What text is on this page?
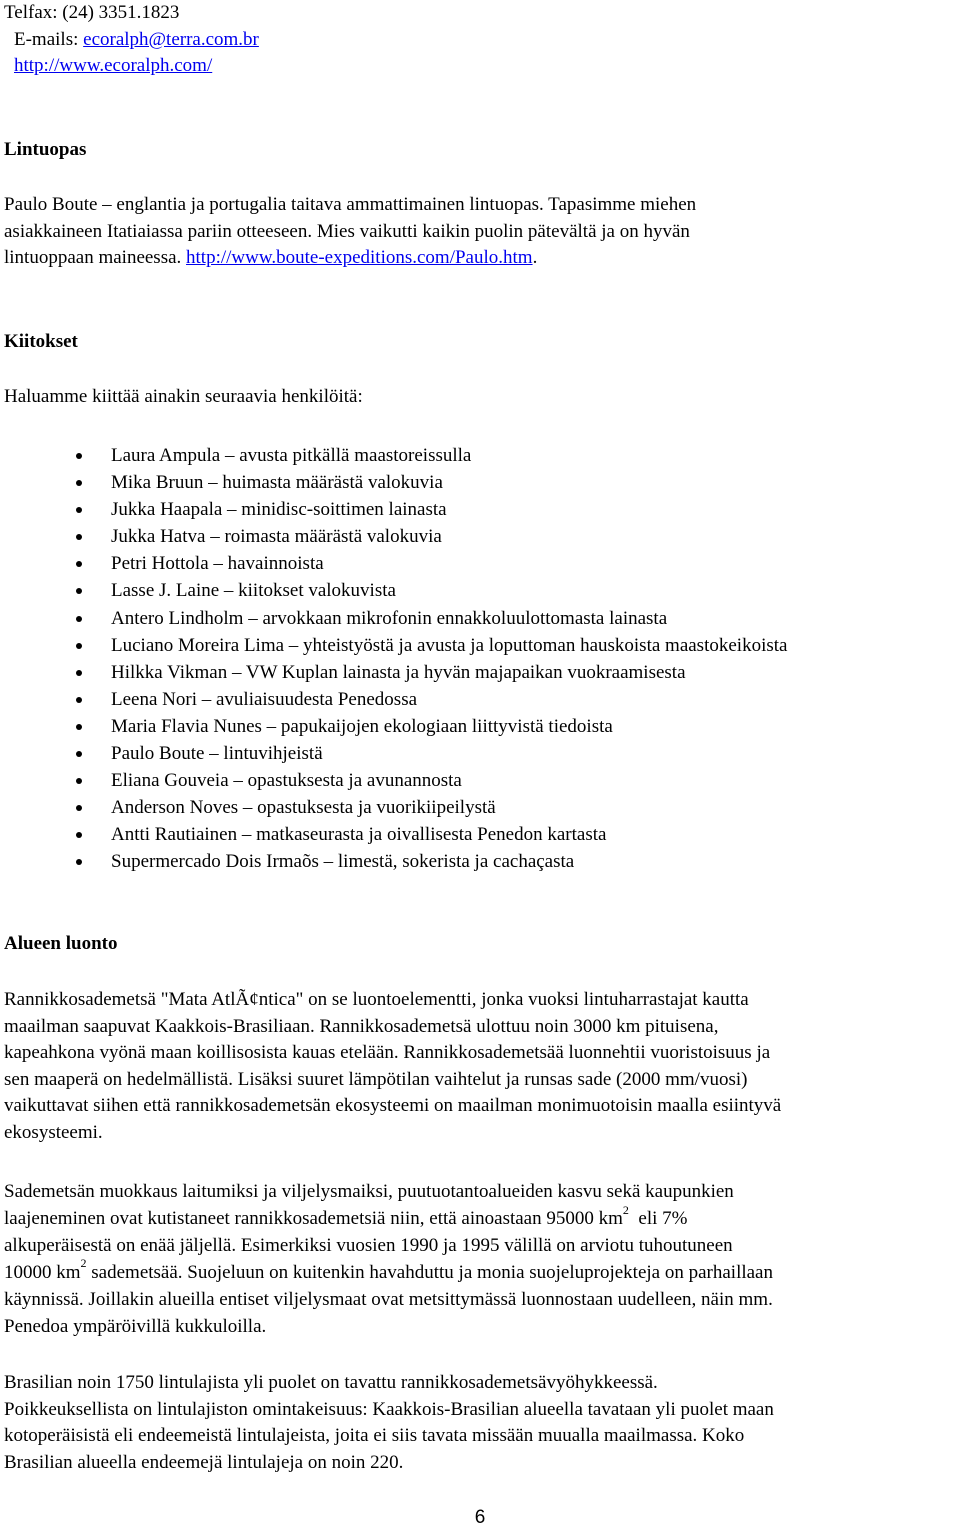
Telfax: (24) 3351.1823
E-mails: ecoralph@terra.com.br
http://www.ecoralph.com/
Lintuopas
Paulo Boute – englantia ja portugalia taitava ammattimainen lintuopas. Tapasimme miehen
asiakkaineen Itatiaiassa pariin otteeseen. Mies vaikutti kaikin puolin pätevältä ja on hyvän
lintuoppaan maineessa. http://www.boute-expeditions.com/Paulo.htm.
Kiitokset
Haluamme kiittää ainakin seuraavia henkilöitä:
Laura Ampula – avusta pitkällä maastoreissulla
Mika Bruun – huimasta määrästä valokuvia
Jukka Haapala – minidisc-soittimen lainasta
Jukka Hatva – roimasta määrästä valokuvia
Petri Hottola – havainnoista
Lasse J. Laine – kiitokset valokuvista
Antero Lindholm – arvokkaan mikrofonin ennakkoluulottomasta lainasta
Luciano Moreira Lima – yhteistyöstä ja avusta ja loputtoman hauskoista maastokeikoista
Hilkka Vikman – VW Kuplan lainasta ja hyvän majapaikan vuokraamisesta
Leena Nori – avuliaisuudesta Penedossa
Maria Flavia Nunes – papukaijojen ekologiaan liittyvistä tiedoista
Paulo Boute – lintuvihjeistä
Eliana Gouveia – opastuksesta ja avunannosta
Anderson Noves – opastuksesta ja vuorikiipeilystä
Antti Rautiainen – matkaseurasta ja oivallisesta Penedon kartasta
Supermercado Dois Irmaõs – limestä, sokerista ja cachaçasta
Alueen luonto
Rannikkosademetsä "Mata AtlÃ¢ntica" on se luontoelementti, jonka vuoksi lintuharrastajat kautta
maailman saapuvat Kaakkois-Brasiliaan. Rannikkosademetsä ulottuu noin 3000 km pituisena,
kapeahkona vyönä maan koillisosista kauas etelään. Rannikkosademetsää luonnehtii vuoristoisuus ja
sen maaperä on hedelmällistä. Lisäksi suuret lämpötilan vaihtelut ja runsas sade (2000 mm/vuosi)
vaikuttavat siihen että rannikkosademetsän ekosysteemi on maailman monimuotoisin maalla esiintyvä
ekosysteemi.
Sademetsän muokkaus laitumiksi ja viljelysmaiksi, puutuotantoalueiden kasvu sekä kaupunkien
laajeneminen ovat kutistaneet rannikkosademetsiä niin, että ainoastaan 95000 $km^2$  eli 7%
alkuperäisestä on enää jäljellä. Esimerkiksi vuosien 1990 ja 1995 välillä on arviotu tuhoutuneen
10000 $km^2$ sademetsää. Suojeluun on kuitenkin havahduttu ja monia suojeluprojekteja on parhaillaan
käynnissä. Joillakin alueilla entiset viljelysmaat ovat metsittymässä luonnostaan uudelleen, näin mm.
Penedoa ympäröivillä kukkuloilla.
Brasilian noin 1750 lintulajista yli puolet on tavattu rannikkosademetsävyöhykkeessä.
Poikkeuksellista on lintulajiston omintakeisuus: Kaakkois-Brasilian alueella tavataan yli puolet maan
kotoperäisistä eli endeemeistä lintulajeista, joita ei siis tavata missään muualla maailmassa. Koko
Brasilian alueella endeemejä lintulajeja on noin 220.
6
